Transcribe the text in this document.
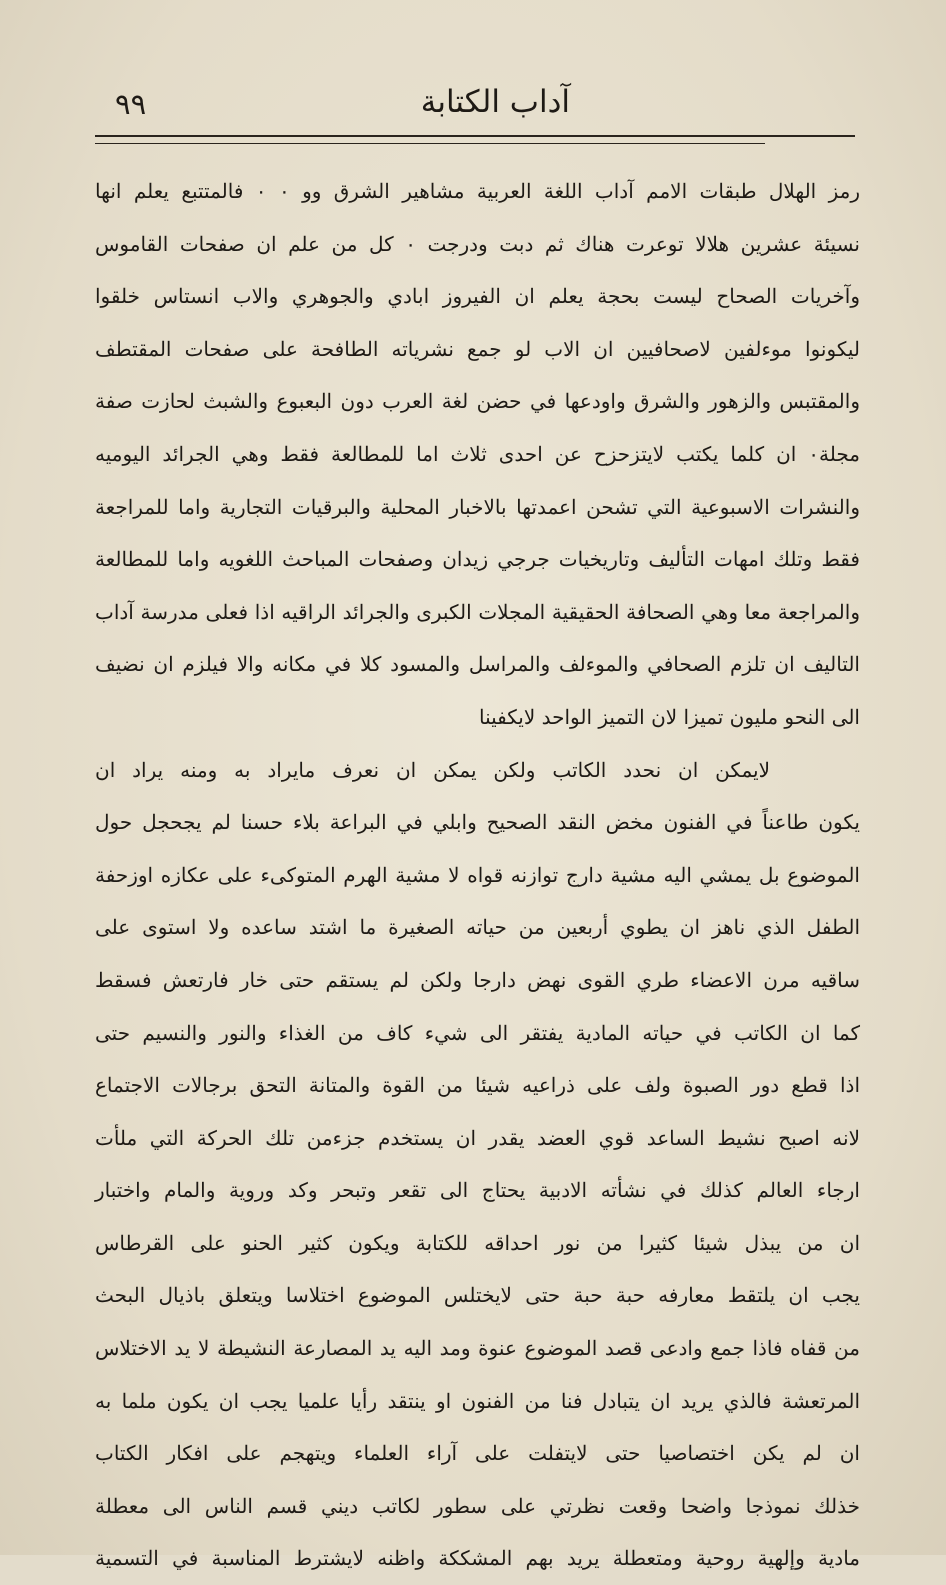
آداب الكتابة
٩٩
رمز الهلال طبقات الامم آداب اللغة العربية مشاهير الشرق وو ٠ ٠ فالمتتبع يعلم انها
نسيئة عشرين هلالا توعرت هناك ثم دبت ودرجت ٠ كل من علم ان صفحات القاموس
وآخريات الصحاح ليست بحجة يعلم ان الفيروز ابادي والجوهري والاب انستاس خلقوا
ليكونوا موءلفين لاصحافيين ان الاب لو جمع نشرياته الطافحة على صفحات المقتطف
والمقتبس والزهور والشرق واودعها في حضن لغة العرب دون البعبوع والشبث لحازت صفة
مجلة٠ ان كلما يكتب لايتزحزح عن احدى ثلاث اما للمطالعة فقط وهي الجرائد اليوميه
والنشرات الاسبوعية التي تشحن اعمدتها بالاخبار المحلية والبرقيات التجارية واما للمراجعة
فقط وتلك امهات التأليف وتاريخيات جرجي زيدان وصفحات المباحث اللغويه واما للمطالعة
والمراجعة معا وهي الصحافة الحقيقية المجلات الكبرى والجرائد الراقيه اذا فعلى مدرسة آداب
التاليف ان تلزم الصحافي والموءلف والمراسل والمسود كلا في مكانه والا فيلزم ان نضيف
الى النحو مليون تميزا لان التميز الواحد لايكفينا
لايمكن ان نحدد الكاتب ولكن يمكن ان نعرف مايراد به ومنه يراد ان
يكون طاعناً في الفنون مخض النقد الصحيح وابلي في البراعة بلاء حسنا لم يجحجل حول
الموضوع بل يمشي اليه مشية دارج توازنه قواه لا مشية الهرم المتوكىء على عكازه اوزحفة
الطفل الذي ناهز ان يطوي أربعين من حياته الصغيرة ما اشتد ساعده ولا استوى على
ساقيه مرن الاعضاء طري القوى نهض دارجا ولكن لم يستقم حتى خار فارتعش فسقط
كما ان الكاتب في حياته المادية يفتقر الى شيء كاف من الغذاء والنور والنسيم حتى
اذا قطع دور الصبوة ولف على ذراعيه شيئا من القوة والمتانة التحق برجالات الاجتماع
لانه اصبح نشيط الساعد قوي العضد يقدر ان يستخدم جزءمن تلك الحركة التي ملأت
ارجاء العالم كذلك في نشأته الادبية يحتاج الى تقعر وتبحر وكد وروية والمام واختبار
ان من يبذل شيئا كثيرا من نور احداقه للكتابة ويكون كثير الحنو على القرطاس
يجب ان يلتقط معارفه حبة حبة حتى لايختلس الموضوع اختلاسا ويتعلق باذيال البحث
من قفاه فاذا جمع وادعى قصد الموضوع عنوة ومد اليه يد المصارعة النشيطة لا يد الاختلاس
المرتعشة فالذي يريد ان يتبادل فنا من الفنون او ينتقد رأيا علميا يجب ان يكون ملما به
ان لم يكن اختصاصيا حتى لايتفلت على آراء العلماء ويتهجم على افكار الكتاب
خذلك نموذجا واضحا وقعت نظرتي على سطور لكاتب ديني قسم الناس الى معطلة
مادية وإلهية روحية ومتعطلة يريد بهم المشككة واظنه لايشترط المناسبة في التسمية
